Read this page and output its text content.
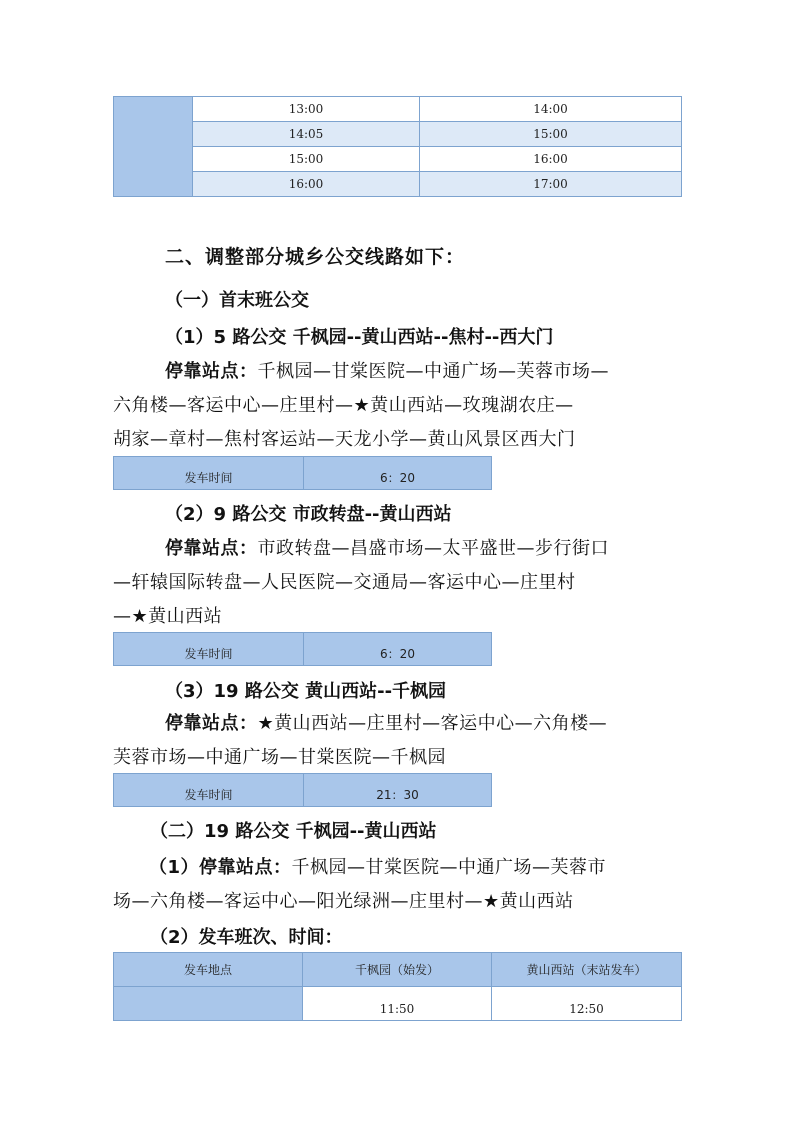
	13:00	14:00
	14:05	15:00
	15:00	16:00
	16:00	17:00
二、调整部分城乡公交线路如下：
（一）首末班公交
（1）5 路公交 千枫园--黄山西站--焦村--西大门
停靠站点：千枫园—甘棠医院—中通广场—芙蓉市场—
六角楼—客运中心—庄里村—★黄山西站—玫瑰湖农庄—
胡家—章村—焦村客运站—天龙小学—黄山风景区西大门
发车时间	6：20
（2）9 路公交 市政转盘--黄山西站
停靠站点：市政转盘—昌盛市场—太平盛世—步行街口
—轩辕国际转盘—人民医院—交通局—客运中心—庄里村
—★黄山西站
发车时间	6：20
（3）19 路公交 黄山西站--千枫园
停靠站点：★黄山西站—庄里村—客运中心—六角楼—
芙蓉市场—中通广场—甘棠医院—千枫园
发车时间	21：30
（二）19 路公交 千枫园--黄山西站
（1）停靠站点：千枫园—甘棠医院—中通广场—芙蓉市
场—六角楼—客运中心—阳光绿洲—庄里村—★黄山西站
（2）发车班次、时间：
发车地点	千枫园（始发）	黄山西站（末站发车）
	11:50	12:50
